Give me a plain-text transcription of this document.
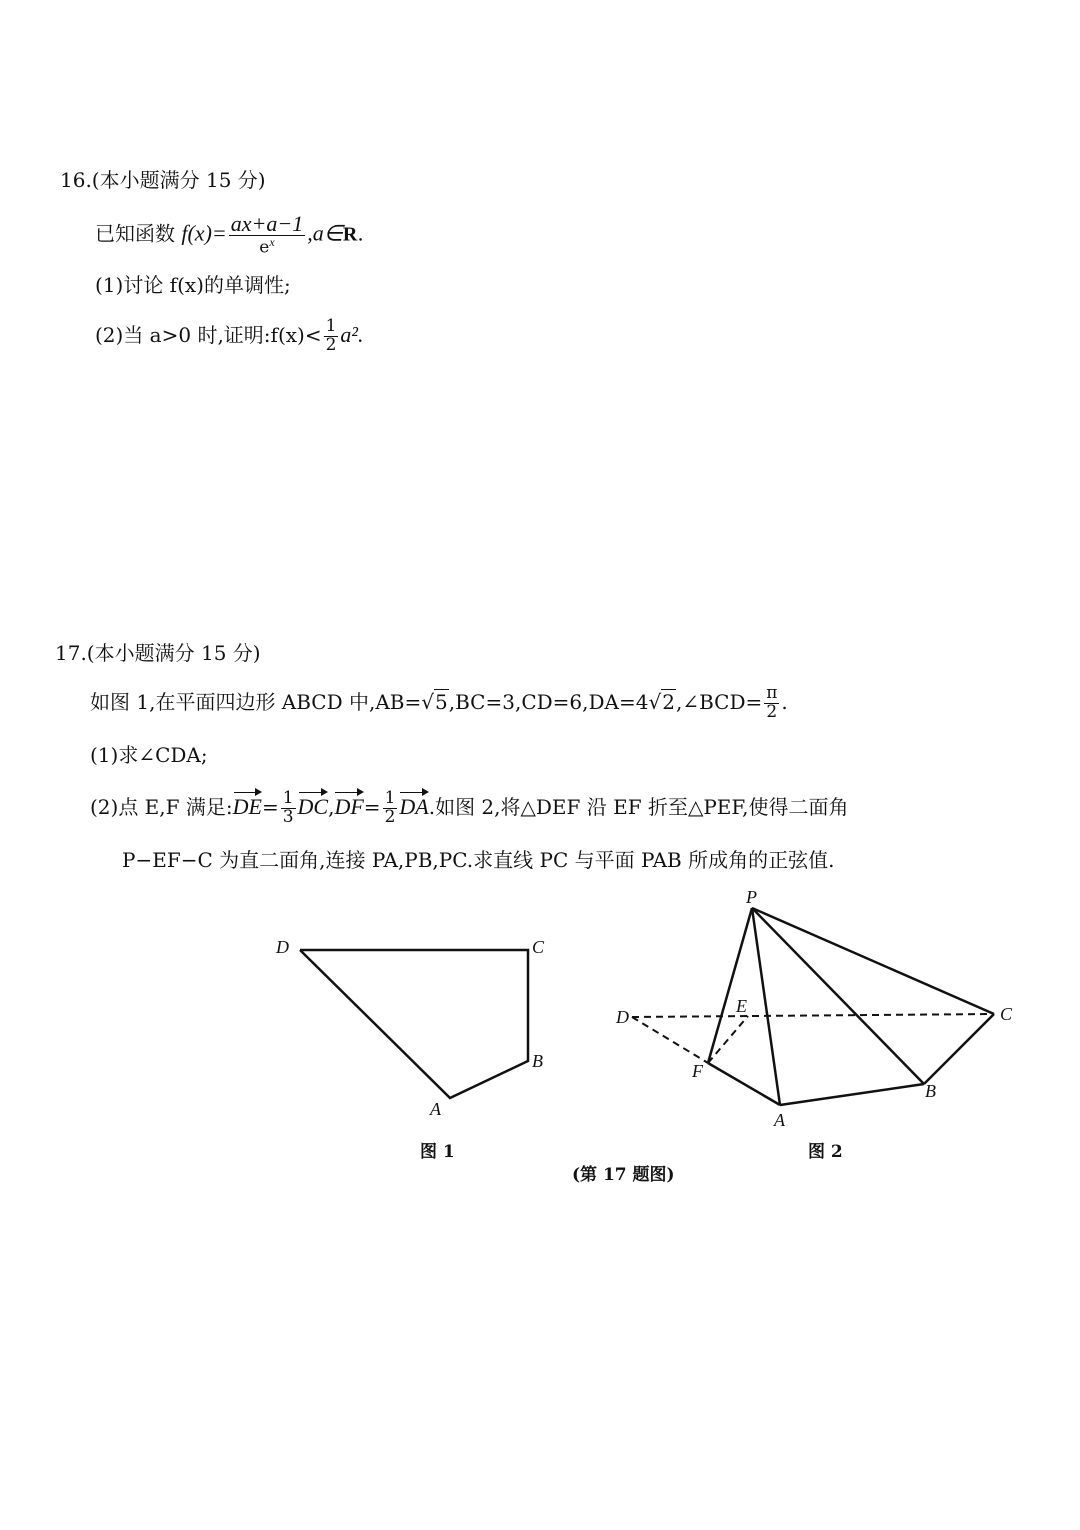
16.(本小题满分 15 分)
已知函数 $f(x)= \frac{ax+a-1}{e^x}$ ,a∈R.
(1)讨论 f(x)的单调性;
(2)当 a>0 时,证明:f(x)< $\frac{1}{2} a^2$.
17.(本小题满分 15 分)
如图 1,在平面四边形 ABCD 中,AB=√5,BC=3,CD=6,DA=4√2,∠BCD= $\frac{\pi}{2}$ .
(1)求∠CDA;
(2)点 E,F 满足:DE= $\frac{1}{3} DC,DF= \frac{1}{2}$ DA.如图 2,将△DEF 沿 EF 折至△PEF,使得二面角
P−EF−C 为直二面角,连接 PA,PB,PC.求直线 PC 与平面 PAB 所成角的正弦值.
D	C
B
A
图 1
P
D
E	C
F
B
A
图 2
(第 17 题图)
